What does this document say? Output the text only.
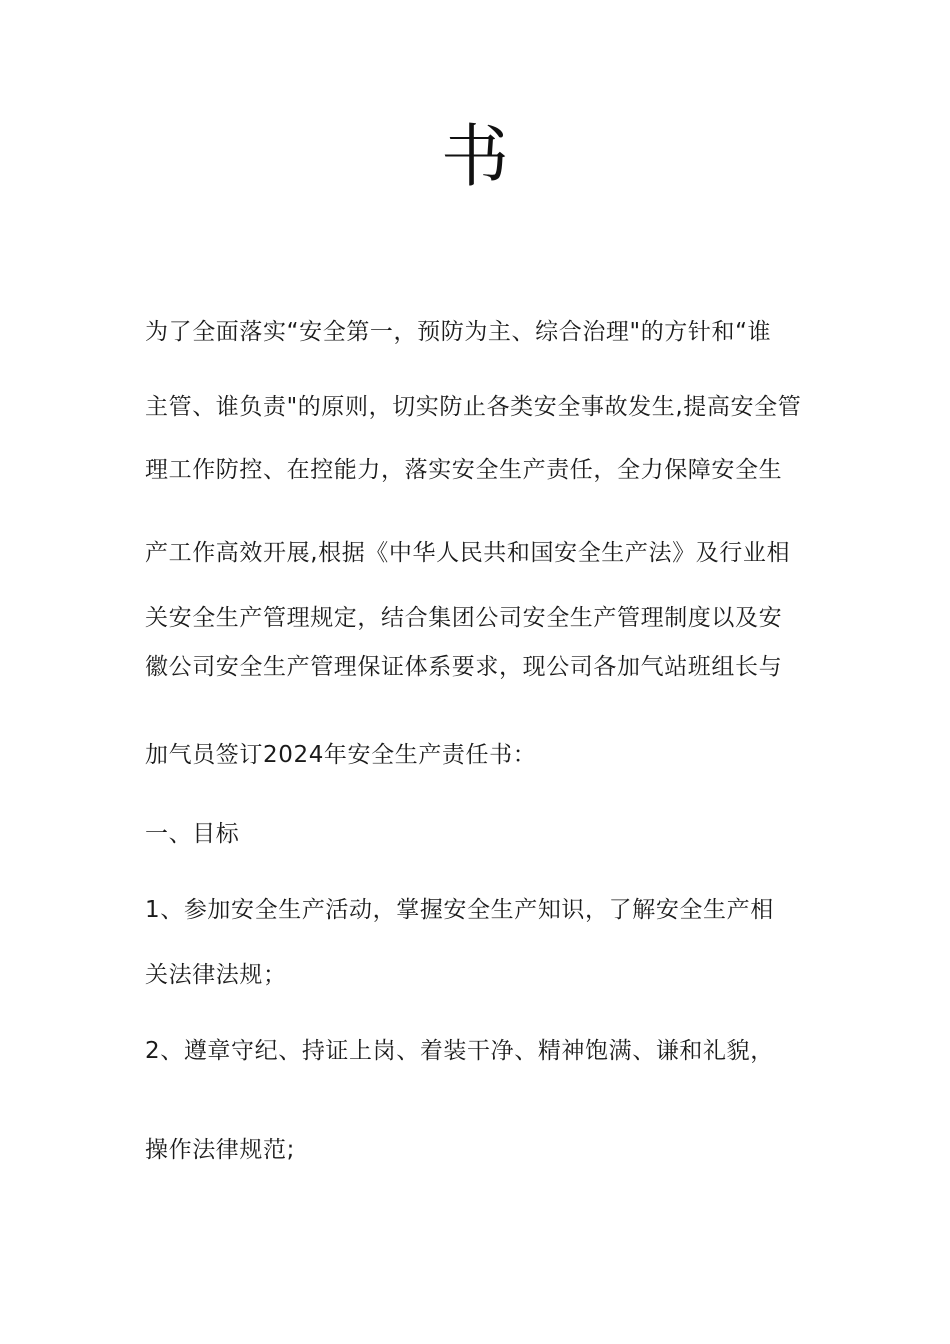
书
为了全面落实“安全第一，预防为主、综合治理"的方针和“谁
主管、谁负责"的原则，切实防止各类安全事故发生,提高安全管
理工作防控、在控能力，落实安全生产责任，全力保障安全生
产工作高效开展,根据《中华人民共和国安全生产法》及行业相
关安全生产管理规定，结合集团公司安全生产管理制度以及安
徽公司安全生产管理保证体系要求，现公司各加气站班组长与
加气员签订2024年安全生产责任书：
一、目标
1、参加安全生产活动，掌握安全生产知识，了解安全生产相
关法律法规；
2、遵章守纪、持证上岗、着装干净、精神饱满、谦和礼貌，
操作法律规范;
